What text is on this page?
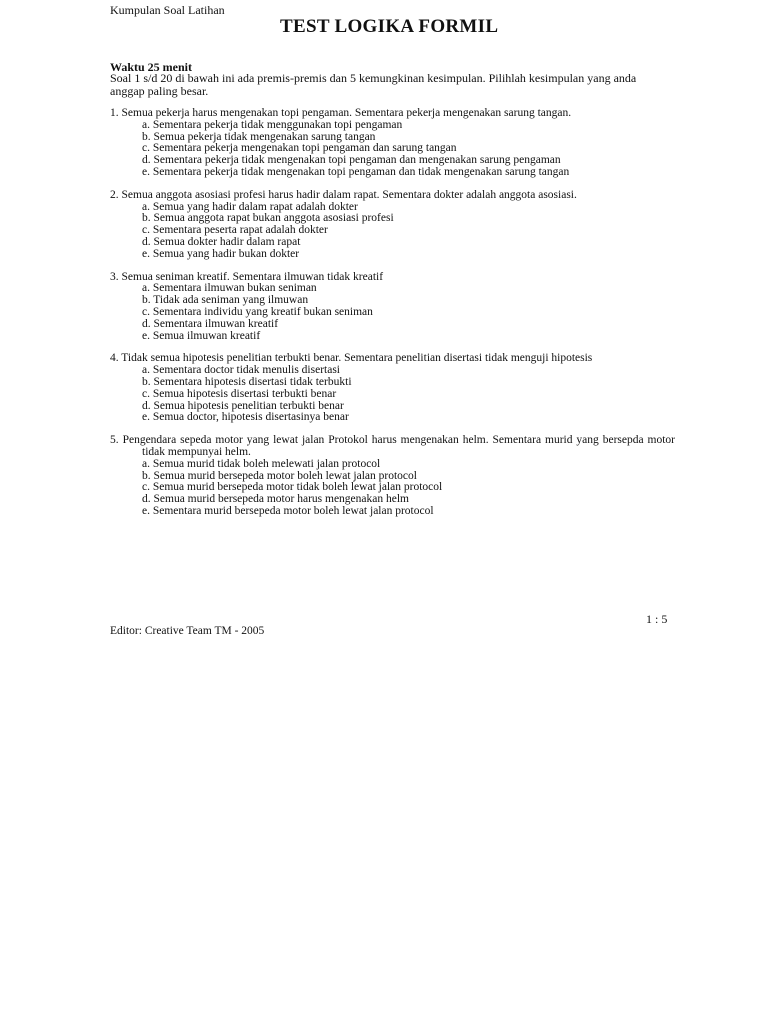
Kumpulan Soal Latihan
TEST LOGIKA FORMIL
Waktu 25 menit
Soal 1 s/d 20 di bawah ini ada premis-premis dan 5 kemungkinan kesimpulan. Pilihlah kesimpulan yang anda anggap paling besar.
1. Semua pekerja harus mengenakan topi pengaman. Sementara pekerja mengenakan sarung tangan.
a. Sementara pekerja tidak menggunakan topi pengaman
b. Semua pekerja tidak mengenakan sarung tangan
c. Sementara pekerja mengenakan topi pengaman dan sarung tangan
d. Sementara pekerja tidak mengenakan topi pengaman dan mengenakan sarung pengaman
e. Sementara pekerja tidak mengenakan topi pengaman dan tidak mengenakan sarung tangan
2. Semua anggota asosiasi profesi harus hadir dalam rapat. Sementara dokter adalah anggota asosiasi.
a. Semua yang hadir dalam rapat adalah dokter
b. Semua anggota rapat bukan anggota asosiasi profesi
c. Sementara peserta rapat adalah dokter
d. Semua dokter hadir dalam rapat
e. Semua yang hadir bukan dokter
3. Semua seniman kreatif. Sementara ilmuwan tidak kreatif
a. Sementara ilmuwan bukan seniman
b. Tidak ada seniman yang ilmuwan
c. Sementara individu yang kreatif bukan seniman
d. Sementara ilmuwan kreatif
e. Semua ilmuwan kreatif
4. Tidak semua hipotesis penelitian terbukti benar. Sementara penelitian disertasi tidak menguji hipotesis
a. Sementara doctor tidak menulis disertasi
b. Sementara hipotesis disertasi tidak terbukti
c. Semua hipotesis disertasi terbukti benar
d. Semua hipotesis penelitian terbukti benar
e. Semua doctor, hipotesis disertasinya benar
5. Pengendara sepeda motor yang lewat jalan Protokol harus mengenakan helm. Sementara murid yang bersepda motor tidak mempunyai helm.
a. Semua murid tidak boleh melewati jalan protocol
b. Semua murid bersepeda motor boleh lewat jalan protocol
c. Semua murid bersepeda motor tidak boleh lewat jalan protocol
d. Semua murid bersepeda motor harus mengenakan helm
e. Sementara murid bersepeda motor boleh lewat jalan protocol
1 : 5
Editor: Creative Team TM - 2005
